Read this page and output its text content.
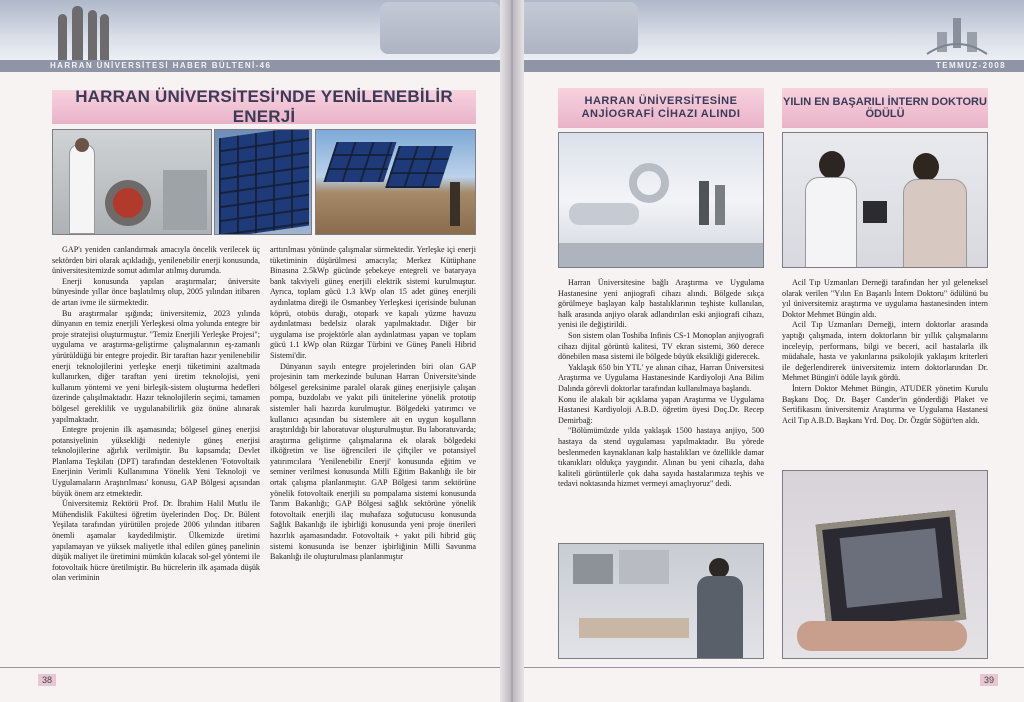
HARRAN ÜNİVERSİTESİ HABER BÜLTENİ-46
HARRAN ÜNİVERSİTESİ'NDE YENİLENEBİLİR ENERJİ

GAP'ı yeniden canlandırmak amacıyla öncelik verilecek üç sektörden biri olarak açıkladığı, yenilenebilir enerji konusunda, üniversitesitemizde somut adımlar atılmış durumda.

Enerji konusunda yapılan araştırmalar; üniversite bünyesinde yıllar önce başlatılmış olup, 2005 yılından itibaren de artan ivme ile sürmektedir.

Bu araştırmalar ışığında; üniversitemiz, 2023 yılında dünyanın en temiz enerjili Yerleşkesi olma yolunda entegre bir proje stratejisi oluşturmuştur. "Temiz Enerjili Yerleşke Projesi"; uygulama ve araştırma-geliştirme çalışmalarının eş-zamanlı yürütüldüğü bir entegre projedir. Bir taraftan hazır yenilenebilir enerji teknolojilerini yerleşke enerji tüketimini azaltmada kullanırken, diğer taraftan yeni üretim teknolojisi, yeni kullanım yöntemi ve yeni birleşik-sistem oluşturma hedefleri üzerinde çalışılmaktadır. Hazır teknolojilerin seçimi, tamamen bölgesel gereklilik ve uygulanabilirlik göz önüne alınarak yapılmaktadır.

Entegre projenin ilk aşamasında; bölgesel güneş enerjisi potansiyelinin yüksekliği nedeniyle güneş enerjisi teknolojilerine ağırlık verilmiştir. Bu kapsamda; Devlet Planlama Teşkilatı (DPT) tarafından desteklenen 'Fotovoltaik Enerjinin Verimli Kullanımına Yönelik Yeni Teknoloji ve Uygulamaların Araştırılması' konusu, GAP Bölgesi açısından büyük önem arz etmektedir.

Üniversitemiz Rektörü Prof. Dr. İbrahim Halil Mutlu ile Mühendislik Fakültesi öğretim üyelerinden Doç. Dr. Bülent Yeşilata tarafından yürütülen projede 2006 yılından itibaren önemli aşamalar kaydedilmiştir. Ülkemizde üretimi yapılamayan ve yüksek maliyetle ithal edilen güneş panelinin düşük maliyet ile üretimini mümkün kılacak sol-gel yöntemi ile fotovoltaik hücre üretilmiştir. Bu hücrelerin ilk aşamada düşük olan veriminin

arttırılması yönünde çalışmalar sürmektedir. Yerleşke içi enerji tüketiminin düşürülmesi amacıyla; Merkez Kütüphane Binasına 2.5kWp gücünde şebekeye entegreli ve bataryaya bank takviyeli güneş enerjili elektrik sistemi kurulmuştur. Ayrıca, toplam gücü 1.3 kWp olan 15 adet güneş enerjili aydınlatma direği ile Osmanbey Yerleşkesi içerisinde bulunan köprü, otobüs durağı, otopark ve kapalı yüzme havuzu aydınlatması bedelsiz olarak yapılmaktadır. Diğer bir uygulama ise projektörle alan aydınlatması yapan ve toplam gücü 1.1 kWp olan Rüzgar Türbini ve Güneş Paneli Hibrid Sistemi'dir.

Dünyanın sayılı entegre projelerinden biri olan GAP projesinin tam merkezinde bulunan Harran Üniversite'sinde bölgesel gereksinime paralel olarak güneş enerjisiyle çalışan pompa, buzdolabı ve yakıt pili ünitelerine yönelik prototip sistemler hali hazırda kurulmuştur. Bölgedeki yatırımcı ve kullanıcı açısından bu sistemlere ait en uygun koşulların araştırıldığı bir laboratuvar oluşturulmuştur. Bu laboratuvarda; araştırma geliştirme çalışmalarına ek olarak bölgedeki ilköğretim ve lise öğrencileri ile çiftçiler ve potansiyel yatırımcılara 'Yenilenebilir Enerji' konusunda eğitim ve seminer verilmesi konusunda Milli Eğitim Bakanlığı ile bir ortak çalışma planlanmıştır. GAP Bölgesi tarım sektörüne yönelik fotovoltaik enerjili su pompalama sistemi konusunda Tarım Bakanlığı; GAP Bölgesi sağlık sektörüne yönelik fotovoltaik enerjili ilaç muhafaza soğutucusu konusunda Sağlık Bakanlığı ile işbirliği konusunda yeni proje önerileri hazırlık aşamasındadır. Fotovoltaik + yakıt pili hibrid güç sistemi konusunda ise benzer işbirliğinin Milli Savunma Bakanlığı ile oluşturulması planlanmıştır

38
TEMMUZ-2008
HARRAN ÜNİVERSİTESİNE ANJİOGRAFİ CİHAZI ALINDI
YILIN EN BAŞARILI İNTERN DOKTORU ÖDÜLÜ

Harran Üniversitesine bağlı Araştırma ve Uygulama Hastanesine yeni anjiografi cihazı alındı. Bölgede sıkça görülmeye başlayan kalp hastalıklarının teşhiste kullanılan, halk arasında anjiyo olarak adlandırılan eski anjiografi cihazı, yenisi ile değiştirildi.

Son sistem olan Toshiba Infinis CS-1 Monoplan anjiyografi cihazı dijital görüntü kalitesi, TV ekran sistemi, 360 derece dönebilen masa sistemi ile bölgede büyük eksikliği giderecek.

Yaklaşık 650 bin YTL' ye alınan cihaz, Harran Üniversitesi Araştırma ve Uygulama Hastanesinde Kardiyoloji Ana Bilim Dalında görevli doktorlar tarafından kullanılmaya başlandı.

Konu ile alakalı bir açıklama yapan Araştırma ve Uygulama Hastanesi Kardiyoloji A.B.D. öğretim üyesi Doç.Dr. Recep Demirbağ:

"Bölümümüzde yılda yaklaşık 1500 hastaya anjiyo, 500 hastaya da stend uygulaması yapılmaktadır. Bu yörede beslenmeden kaynaklanan kalp hastalıkları ve özellikle damar tıkanıkları oldukça yaygındır. Alınan bu yeni cihazla, daha kaliteli görüntülerle çok daha sayıda hastalarımıza teşhis ve tedavi noktasında hizmet vermeyi amaçlıyoruz" dedi.

Acil Tıp Uzmanları Derneği tarafından her yıl geleneksel olarak verilen "Yılın En Başarılı İntern Doktoru" ödülünü bu yıl üniversitemiz araştırma ve uygulama hastanesinden intern Doktor Mehmet Büngin aldı.

Acil Tıp Uzmanları Derneği, intern doktorlar arasında yaptığı çalışmada, intern doktorların bir yıllık çalışmalarını inceleyip, performans, bilgi ve beceri, acil hastalarla ilk müdahale, hasta ve yakınlarına psikolojik yaklaşım kriterleri ile değerlendirerek üniversitemiz intern doktorlarından Dr. Mehmet Büngin'i ödüle layık gördü.

İntern Doktor Mehmet Büngin, ATUDER yönetim Kurulu Başkanı Doç. Dr. Başer Cander'in gönderdiği Plaket ve Sertifikasını üniversitemiz Araştırma ve Uygulama Hastanesi Acil Tıp A.B.D. Başkanı Yrd. Doç. Dr. Özgür Söğüt'ten aldı.

39
